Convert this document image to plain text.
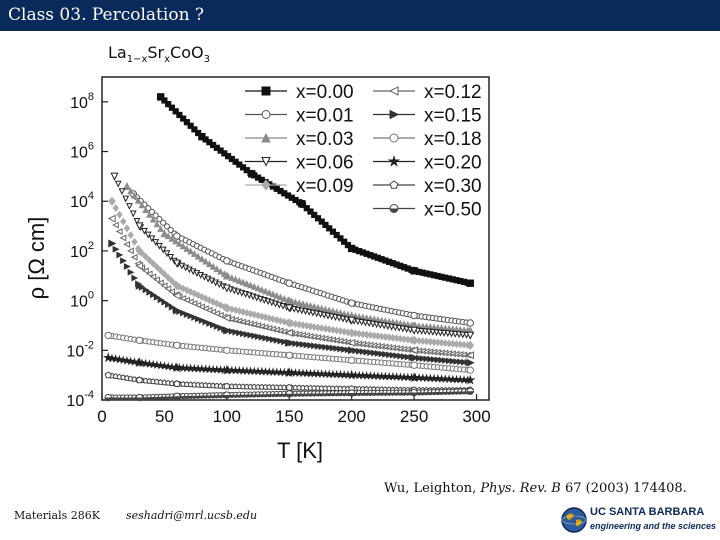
Class 03. Percolation ?
$La_{1-x}Sr_xCoO_3$
0	50 100 150 200 250 300
$10^{-4}$
$10^{-2}$
$10^0$
$10^2$
$10^4$
$10^6$
$10^8$	x=0.00
x=0.01
x=0.03
x=0.06
x=0.09
x=0.12
x=0.15
x=0.18
x=0.20
x=0.30
x=0.50
T [K]
ρ [Ω cm]
Wu, Leighton, Phys. Rev. B 67 (2003) 174408.
Materials 286K seshadri@mrl.ucsb.edu	UC SANTA BARBARA
engineering and the sciences
